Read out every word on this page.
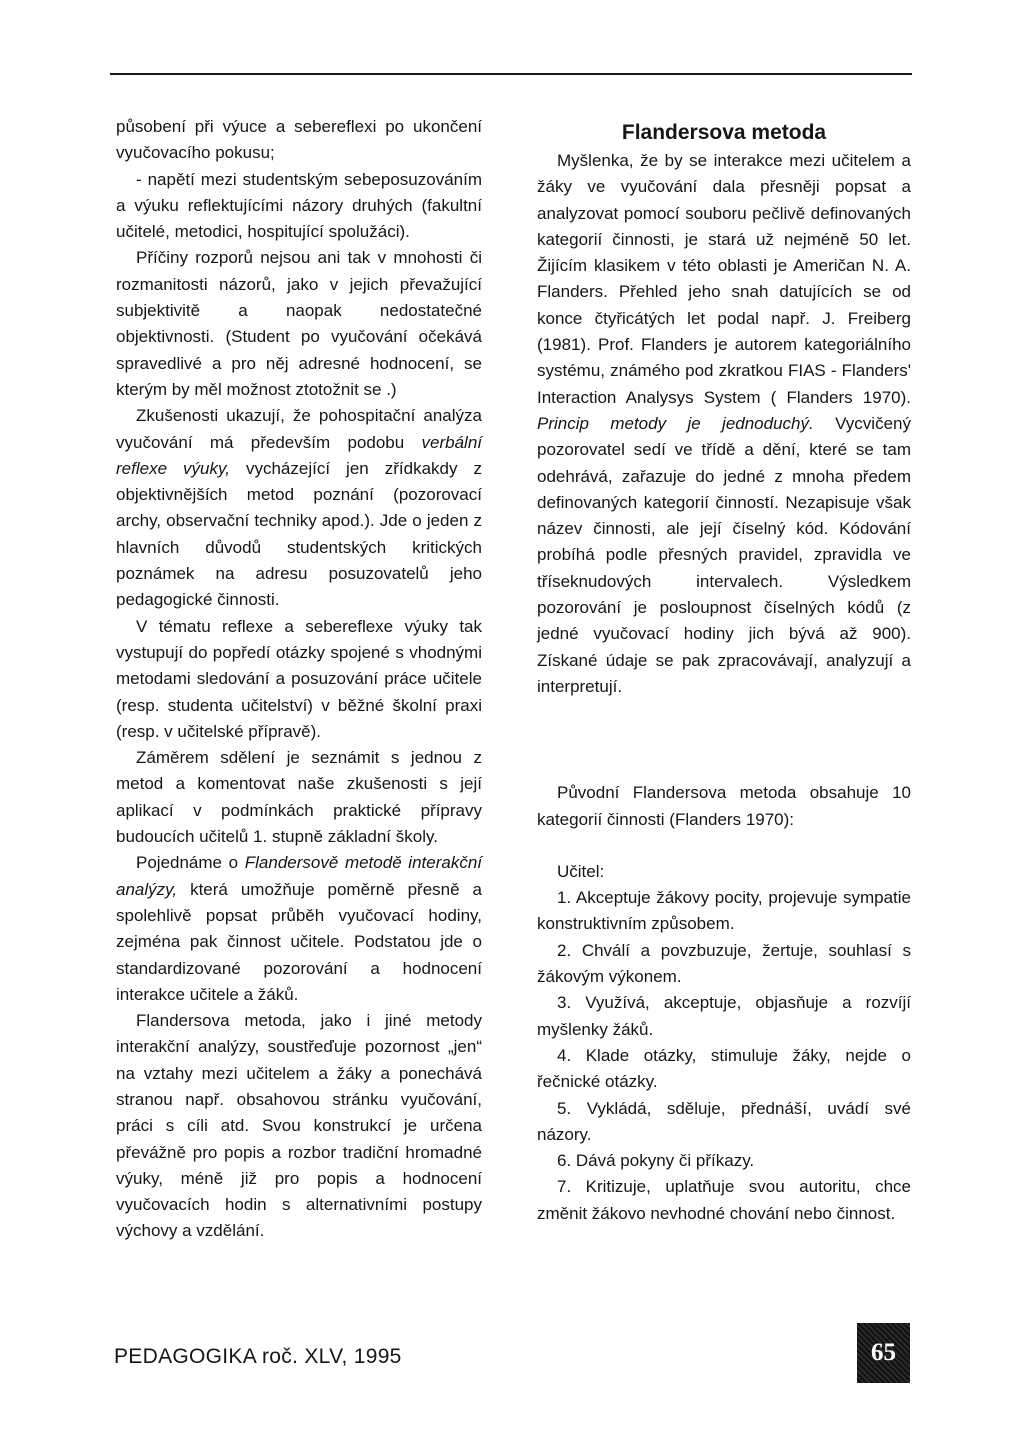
působení při výuce a sebereflexi po ukončení vyučovacího pokusu;

- napětí mezi studentským sebeposuzováním a výuku reflektujícími názory druhých (fakultní učitelé, metodici, hospitující spolužáci).

Příčiny rozporů nejsou ani tak v mnohosti či rozmanitosti názorů, jako v jejich převažující subjektivitě a naopak nedostatečné objektivnosti. (Student po vyučování očekává spravedlivé a pro něj adresné hodnocení, se kterým by měl možnost ztotožnit se .)

Zkušenosti ukazují, že pohospitační analýza vyučování má především podobu verbální reflexe výuky, vycházející jen zřídkakdy z objektivnějších metod poznání (pozorovací archy, observační techniky apod.). Jde o jeden z hlavních důvodů studentských kritických poznámek na adresu posuzovatelů jeho pedagogické činnosti.

V tématu reflexe a sebereflexe výuky tak vystupují do popředí otázky spojené s vhodnými metodami sledování a posuzování práce učitele (resp. studenta učitelství) v běžné školní praxi (resp. v učitelské přípravě).

Záměrem sdělení je seznámit s jednou z metod a komentovat naše zkušenosti s její aplikací v podmínkách praktické přípravy budoucích učitelů 1. stupně základní školy.

Pojednáme o Flandersově metodě interakční analýzy, která umožňuje poměrně přesně a spolehlivě popsat průběh vyučovací hodiny, zejména pak činnost učitele. Podstatou jde o standardizované pozorování a hodnocení interakce učitele a žáků.

Flandersova metoda, jako i jiné metody interakční analýzy, soustřeďuje pozornost „jen“ na vztahy mezi učitelem a žáky a ponechává stranou např. obsahovou stránku vyučování, práci s cíli atd. Svou konstrukcí je určena převážně pro popis a rozbor tradiční hromadné výuky, méně již pro popis a hodnocení vyučovacích hodin s alternativními postupy výchovy a vzdělání.

Flandersova metoda

Myšlenka, že by se interakce mezi učitelem a žáky ve vyučování dala přesněji popsat a analyzovat pomocí souboru pečlivě definovaných kategorií činnosti, je stará už nejméně 50 let. Žijícím klasikem v této oblasti je Američan N. A. Flanders. Přehled jeho snah datujících se od konce čtyřicátých let podal např. J. Freiberg (1981). Prof. Flanders je autorem kategoriálního systému, známého pod zkratkou FIAS - Flanders' Interaction Analysys System ( Flanders 1970). Princip metody je jednoduchý. Vycvičený pozorovatel sedí ve třídě a dění, které se tam odehrává, zařazuje do jedné z mnoha předem definovaných kategorií činností. Nezapisuje však název činnosti, ale její číselný kód. Kódování probíhá podle přesných pravidel, zpravidla ve tříseknudových intervalech. Výsledkem pozorování je posloupnost číselných kódů (z jedné vyučovací hodiny jich bývá až 900). Získané údaje se pak zpracovávají, analyzují a interpretují.

Původní Flandersova metoda obsahuje 10 kategorií činnosti (Flanders 1970):

Učitel:

1. Akceptuje žákovy pocity, projevuje sympatie konstruktivním způsobem.

2. Chválí a povzbuzuje, žertuje, souhlasí s žákovým výkonem.

3. Využívá, akceptuje, objasňuje a rozvíjí myšlenky žáků.

4. Klade otázky, stimuluje žáky, nejde o řečnické otázky.

5. Vykládá, sděluje, přednáší, uvádí své názory.

6. Dává pokyny či příkazy.

7. Kritizuje, uplatňuje svou autoritu, chce změnit žákovo nevhodné chování nebo činnost.

PEDAGOGIKA roč. XLV, 1995	65
